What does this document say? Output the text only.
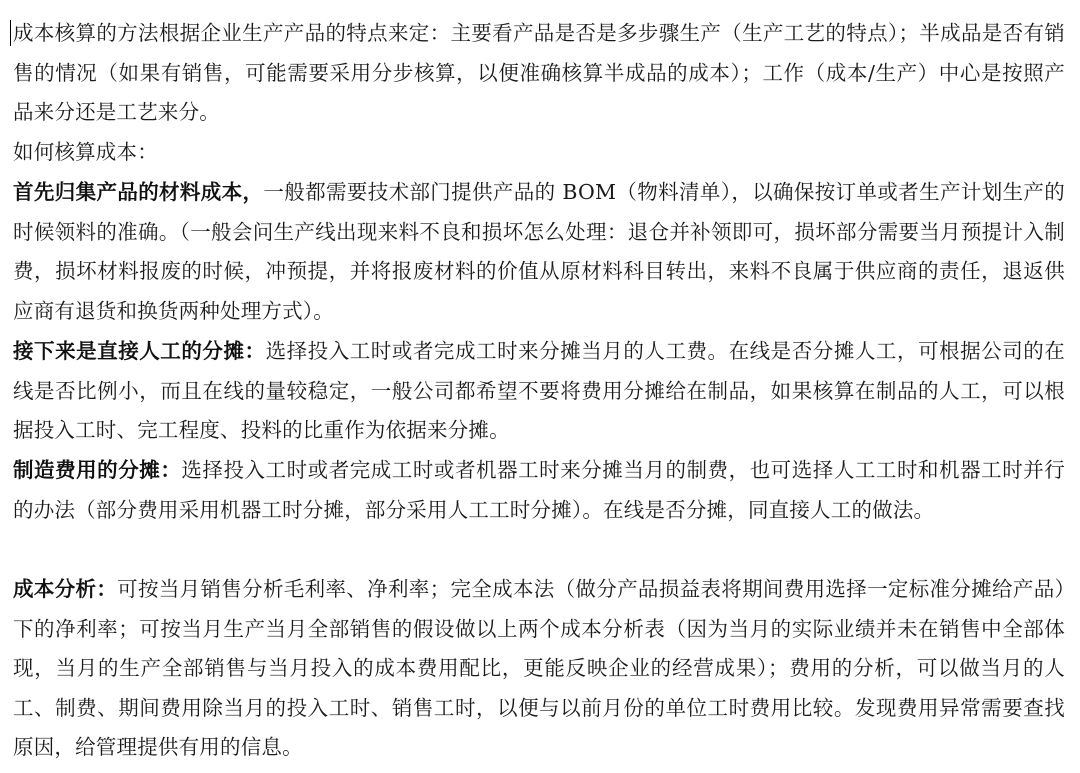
成本核算的方法根据企业生产产品的特点来定：主要看产品是否是多步骤生产（生产工艺的特点）；半成品是否有销售的情况（如果有销售，可能需要采用分步核算，以便准确核算半成品的成本）；工作（成本/生产）中心是按照产品来分还是工艺来分。

如何核算成本：

首先归集产品的材料成本，一般都需要技术部门提供产品的 BOM（物料清单），以确保按订单或者生产计划生产的时候领料的准确。（一般会问生产线出现来料不良和损坏怎么处理：退仓并补领即可，损坏部分需要当月预提计入制费，损坏材料报废的时候，冲预提，并将报废材料的价值从原材料科目转出，来料不良属于供应商的责任，退返供应商有退货和换货两种处理方式）。

接下来是直接人工的分摊：选择投入工时或者完成工时来分摊当月的人工费。在线是否分摊人工，可根据公司的在线是否比例小，而且在线的量较稳定，一般公司都希望不要将费用分摊给在制品，如果核算在制品的人工，可以根据投入工时、完工程度、投料的比重作为依据来分摊。

制造费用的分摊：选择投入工时或者完成工时或者机器工时来分摊当月的制费，也可选择人工工时和机器工时并行的办法（部分费用采用机器工时分摊，部分采用人工工时分摊）。在线是否分摊，同直接人工的做法。

成本分析：可按当月销售分析毛利率、净利率；完全成本法（做分产品损益表将期间费用选择一定标准分摊给产品）下的净利率；可按当月生产当月全部销售的假设做以上两个成本分析表（因为当月的实际业绩并未在销售中全部体现，当月的生产全部销售与当月投入的成本费用配比，更能反映企业的经营成果）；费用的分析，可以做当月的人工、制费、期间费用除当月的投入工时、销售工时，以便与以前月份的单位工时费用比较。发现费用异常需要查找原因，给管理提供有用的信息。
